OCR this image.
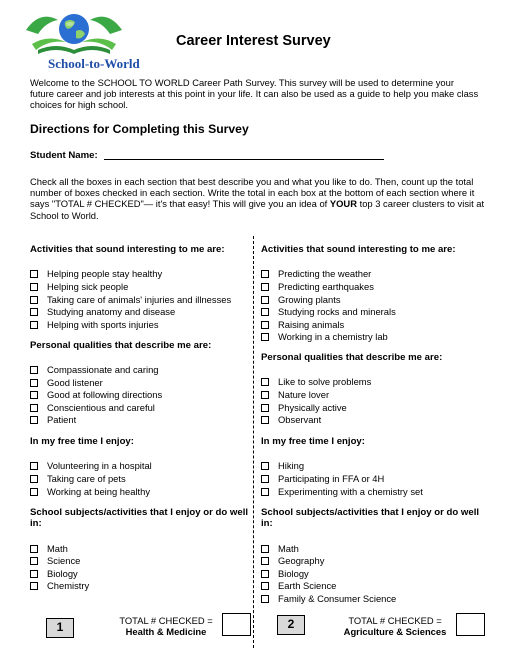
School-to-World
Career Interest Survey
Welcome to the SCHOOL TO WORLD Career Path Survey. This survey will be used to determine your future career and job interests at this point in your life. It can also be used as a guide to help you make class choices for high school.
Directions for Completing this Survey
Student Name:
Check all the boxes in each section that best describe you and what you like to do. Then, count up the total number of boxes checked in each section. Write the total in each box at the bottom of each section where it says "TOTAL # CHECKED"— it's that easy! This will give you an idea of YOUR top 3 career clusters to visit at School to World.
Activities that sound interesting to me are:
Helping people stay healthy
Helping sick people
Taking care of animals' injuries and illnesses
Studying anatomy and disease
Helping with sports injuries
Personal qualities that describe me are:
Compassionate and caring
Good listener
Good at following directions
Conscientious and careful
Patient
In my free time I enjoy:
Volunteering in a hospital
Taking care of pets
Working at being healthy
School subjects/activities that I enjoy or do well in:
Math
Science
Biology
Chemistry
1	TOTAL # CHECKED =
Health & Medicine
Activities that sound interesting to me are:
Predicting the weather
Predicting earthquakes
Growing plants
Studying rocks and minerals
Raising animals
Working in a chemistry lab
Personal qualities that describe me are:
Like to solve problems
Nature lover
Physically active
Observant
In my free time I enjoy:
Hiking
Participating in FFA or 4H
Experimenting with a chemistry set
School subjects/activities that I enjoy or do well in:
Math
Geography
Biology
Earth Science
Family & Consumer Science
2	TOTAL # CHECKED =
Agriculture & Sciences
